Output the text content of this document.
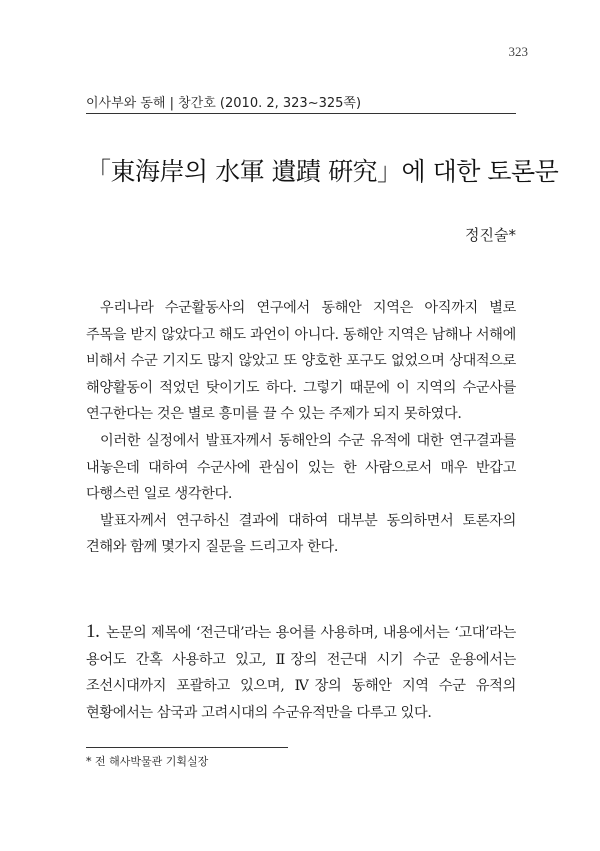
323
이사부와 동해 | 창간호 (2010. 2, 323~325쪽)
「東海岸의 水軍 遺蹟 硏究」에 대한 토론문
정진술*

우리나라 수군활동사의 연구에서 동해안 지역은 아직까지 별로 주목을 받지 않았다고 해도 과언이 아니다. 동해안 지역은 남해나 서해에 비해서 수군 기지도 많지 않았고 또 양호한 포구도 없었으며 상대적으로 해양활동이 적었던 탓이기도 하다. 그렇기 때문에 이 지역의 수군사를 연구한다는 것은 별로 흥미를 끌 수 있는 주제가 되지 못하였다.

이러한 실정에서 발표자께서 동해안의 수군 유적에 대한 연구결과를 내놓은데 대하여 수군사에 관심이 있는 한 사람으로서 매우 반갑고 다행스런 일로 생각한다.

발표자께서 연구하신 결과에 대하여 대부분 동의하면서 토론자의 견해와 함께 몇가지 질문을 드리고자 한다.

1. 논문의 제목에 ‘전근대’라는 용어를 사용하며, 내용에서는 ‘고대’라는 용어도 간혹 사용하고 있고, Ⅱ장의 전근대 시기 수군 운용에서는 조선시대까지 포괄하고 있으며, Ⅳ장의 동해안 지역 수군 유적의 현황에서는 삼국과 고려시대의 수군유적만을 다루고 있다.

* 전 해사박물관 기획실장
